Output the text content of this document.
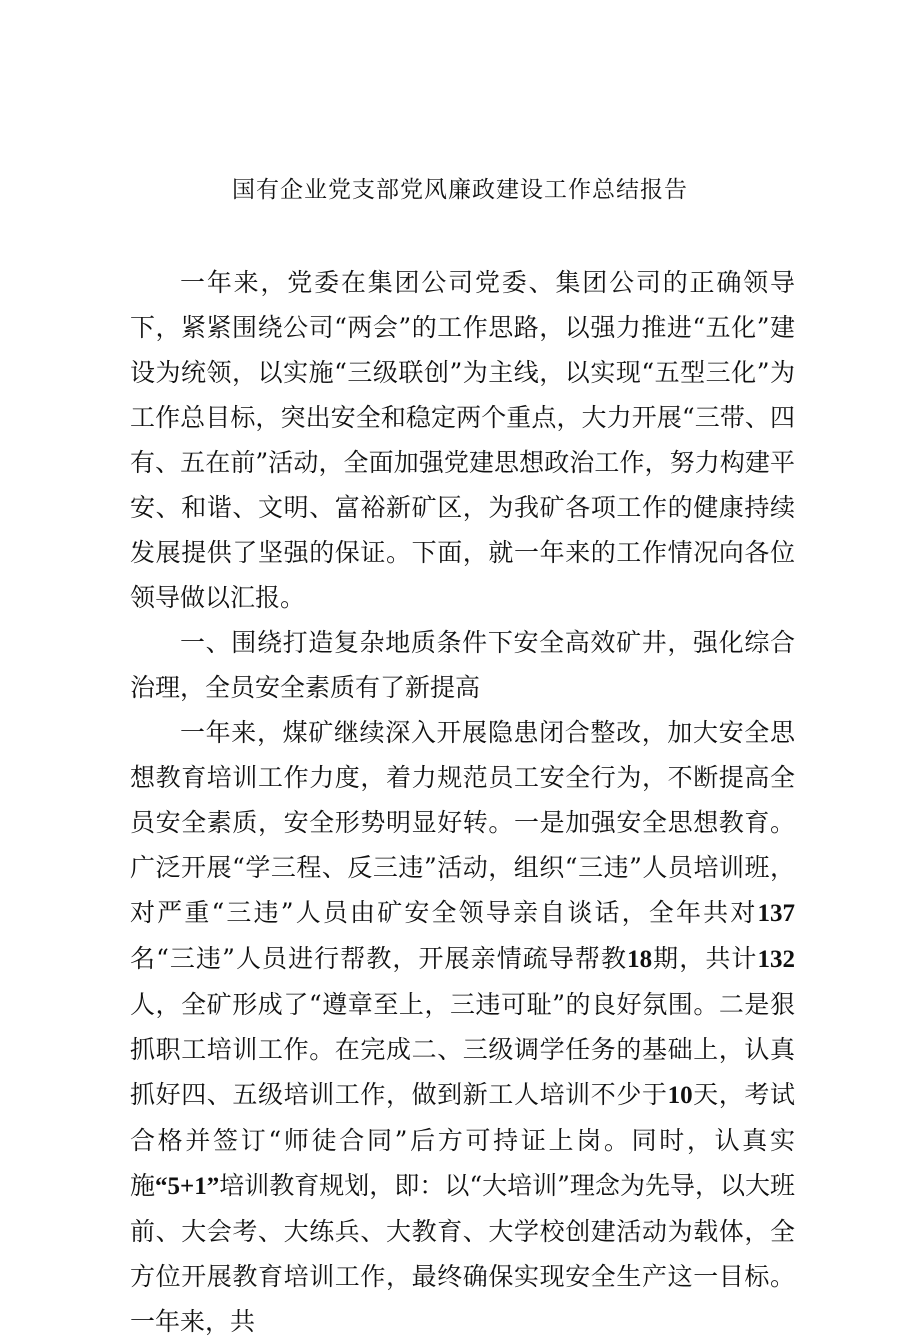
国有企业党支部党风廉政建设工作总结报告

一年来，党委在集团公司党委、集团公司的正确领导下，紧紧围绕公司“两会”的工作思路，以强力推进“五化”建设为统领，以实施“三级联创”为主线，以实现“五型三化”为工作总目标，突出安全和稳定两个重点，大力开展“三带、四有、五在前”活动，全面加强党建思想政治工作，努力构建平安、和谐、文明、富裕新矿区，为我矿各项工作的健康持续发展提供了坚强的保证。下面，就一年来的工作情况向各位领导做以汇报。

一、围绕打造复杂地质条件下安全高效矿井，强化综合治理，全员安全素质有了新提高

一年来，煤矿继续深入开展隐患闭合整改，加大安全思想教育培训工作力度，着力规范员工安全行为，不断提高全员安全素质，安全形势明显好转。一是加强安全思想教育。广泛开展“学三程、反三违”活动，组织“三违”人员培训班，对严重“三违”人员由矿安全领导亲自谈话，全年共对137名“三违”人员进行帮教，开展亲情疏导帮教18期，共计132人，全矿形成了“遵章至上，三违可耻”的良好氛围。二是狠抓职工培训工作。在完成二、三级调学任务的基础上，认真抓好四、五级培训工作，做到新工人培训不少于10天，考试合格并签订“师徒合同”后方可持证上岗。同时，认真实施“5+1”培训教育规划，即：以“大培训”理念为先导，以大班前、大会考、大练兵、大教育、大学校创建活动为载体，全方位开展教育培训工作，最终确保实现安全生产这一目标。一年来，共
